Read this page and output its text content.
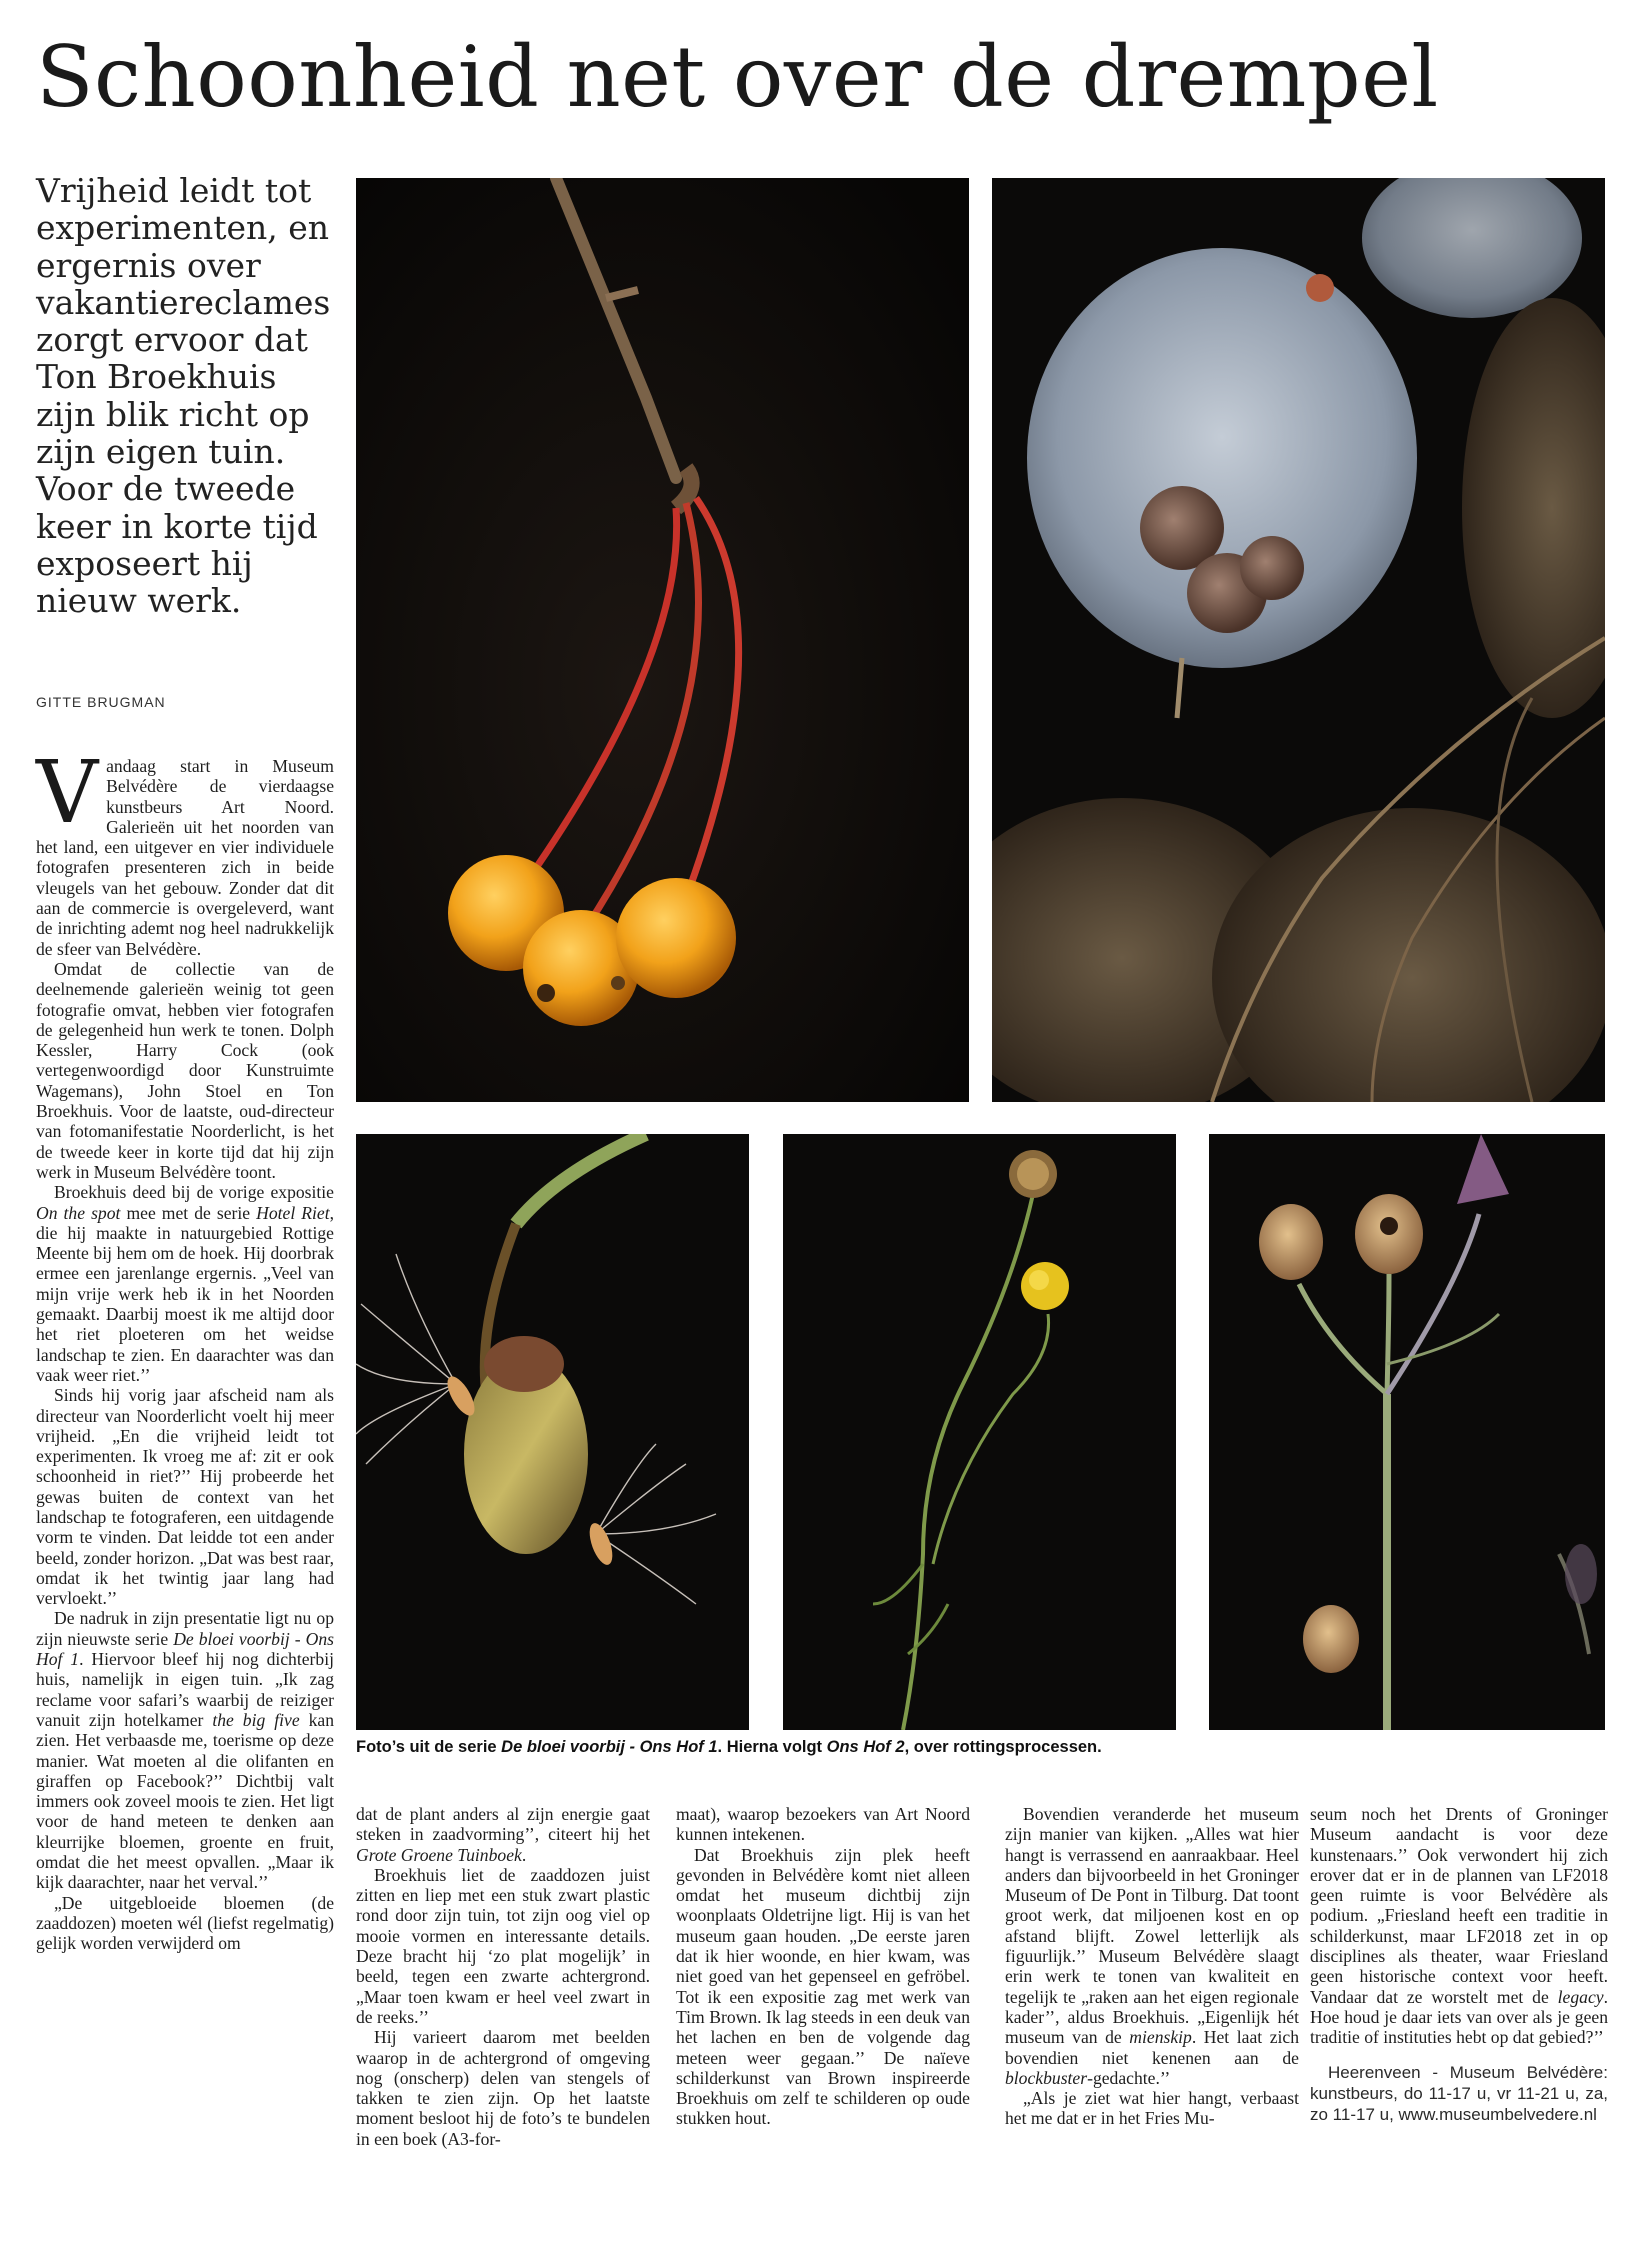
Schoonheid net over de drempel

Vrijheid leidt tot experimenten, en ergernis over vakantiereclames zorgt ervoor dat Ton Broekhuis zijn blik richt op zijn eigen tuin. Voor de tweede keer in korte tijd exposeert hij nieuw werk.

GITTE BRUGMAN

Vandaag start in Museum Belvédère de vierdaagse kunstbeurs Art Noord. Galerieën uit het noorden van het land, een uitgever en vier individuele fotografen presenteren zich in beide vleugels van het gebouw. Zonder dat dit aan de commercie is overgeleverd, want de inrichting ademt nog heel nadrukkelijk de sfeer van Belvédère.

Omdat de collectie van de deelnemende galerieën weinig tot geen fotografie omvat, hebben vier fotografen de gelegenheid hun werk te tonen. Dolph Kessler, Harry Cock (ook vertegenwoordigd door Kunstruimte Wagemans), John Stoel en Ton Broekhuis. Voor de laatste, oud-directeur van fotomanifestatie Noorderlicht, is het de tweede keer in korte tijd dat hij zijn werk in Museum Belvédère toont.

Broekhuis deed bij de vorige expositie On the spot mee met de serie Hotel Riet, die hij maakte in natuurgebied Rottige Meente bij hem om de hoek. Hij doorbrak ermee een jarenlange ergernis. „Veel van mijn vrije werk heb ik in het Noorden gemaakt. Daarbij moest ik me altijd door het riet ploeteren om het weidse landschap te zien. En daarachter was dan vaak weer riet.’’

Sinds hij vorig jaar afscheid nam als directeur van Noorderlicht voelt hij meer vrijheid. „En die vrijheid leidt tot experimenten. Ik vroeg me af: zit er ook schoonheid in riet?’’ Hij probeerde het gewas buiten de context van het landschap te fotograferen, een uitdagende vorm te vinden. Dat leidde tot een ander beeld, zonder horizon. „Dat was best raar, omdat ik het twintig jaar lang had vervloekt.’’

De nadruk in zijn presentatie ligt nu op zijn nieuwste serie De bloei voorbij - Ons Hof 1. Hiervoor bleef hij nog dichterbij huis, namelijk in eigen tuin. „Ik zag reclame voor safari’s waarbij de reiziger vanuit zijn hotelkamer the big five kan zien. Het verbaasde me, toerisme op deze manier. Wat moeten al die olifanten en giraffen op Facebook?’’ Dichtbij valt immers ook zoveel moois te zien. Het ligt voor de hand meteen te denken aan kleurrijke bloemen, groente en fruit, omdat die het meest opvallen. „Maar ik kijk daarachter, naar het verval.’’

„De uitgebloeide bloemen (de zaaddozen) moeten wél (liefst regelmatig) gelijk worden verwijderd om

dat de plant anders al zijn energie gaat steken in zaadvorming’’, citeert hij het Grote Groene Tuinboek.

Broekhuis liet de zaaddozen juist zitten en liep met een stuk zwart plastic rond door zijn tuin, tot zijn oog viel op mooie vormen en interessante details. Deze bracht hij ‘zo plat mogelijk’ in beeld, tegen een zwarte achtergrond. „Maar toen kwam er heel veel zwart in de reeks.’’

Hij varieert daarom met beelden waarop in de achtergrond of omgeving nog (onscherp) delen van stengels of takken te zien zijn. Op het laatste moment besloot hij de foto’s te bundelen in een boek (A3-for-

maat), waarop bezoekers van Art Noord kunnen intekenen.

Dat Broekhuis zijn plek heeft gevonden in Belvédère komt niet alleen omdat het museum dichtbij zijn woonplaats Oldetrijne ligt. Hij is van het museum gaan houden. „De eerste jaren dat ik hier woonde, en hier kwam, was niet goed van het gepenseel en gefröbel. Tot ik een expositie zag met werk van Tim Brown. Ik lag steeds in een deuk van het lachen en ben de volgende dag meteen weer gegaan.’’ De naïeve schilderkunst van Brown inspireerde Broekhuis om zelf te schilderen op oude stukken hout.

Bovendien veranderde het museum zijn manier van kijken. „Alles wat hier hangt is verrassend en aanraakbaar. Heel anders dan bijvoorbeeld in het Groninger Museum of De Pont in Tilburg. Dat toont groot werk, dat miljoenen kost en op afstand blijft. Zowel letterlijk als figuurlijk.’’ Museum Belvédère slaagt erin werk te tonen van kwaliteit en tegelijk te „raken aan het eigen regionale kader’’, aldus Broekhuis. „Eigenlijk hét museum van de mienskip. Het laat zich bovendien niet kenenen aan de blockbuster-gedachte.’’

„Als je ziet wat hier hangt, verbaast het me dat er in het Fries Mu-

seum noch het Drents of Groninger Museum aandacht is voor deze kunstenaars.’’ Ook verwondert hij zich erover dat er in de plannen van LF2018 geen ruimte is voor Belvédère als podium. „Friesland heeft een traditie in schilderkunst, maar LF2018 zet in op disciplines als theater, waar Friesland geen historische context voor heeft. Vandaar dat ze worstelt met de legacy. Hoe houd je daar iets van over als je geen traditie of instituties hebt op dat gebied?’’

Heerenveen - Museum Belvédère: kunstbeurs, do 11-17 u, vr 11-21 u, za, zo 11-17 u, www.museumbelvedere.nl

Foto’s uit de serie De bloei voorbij - Ons Hof 1. Hierna volgt Ons Hof 2, over rottingsprocessen.
